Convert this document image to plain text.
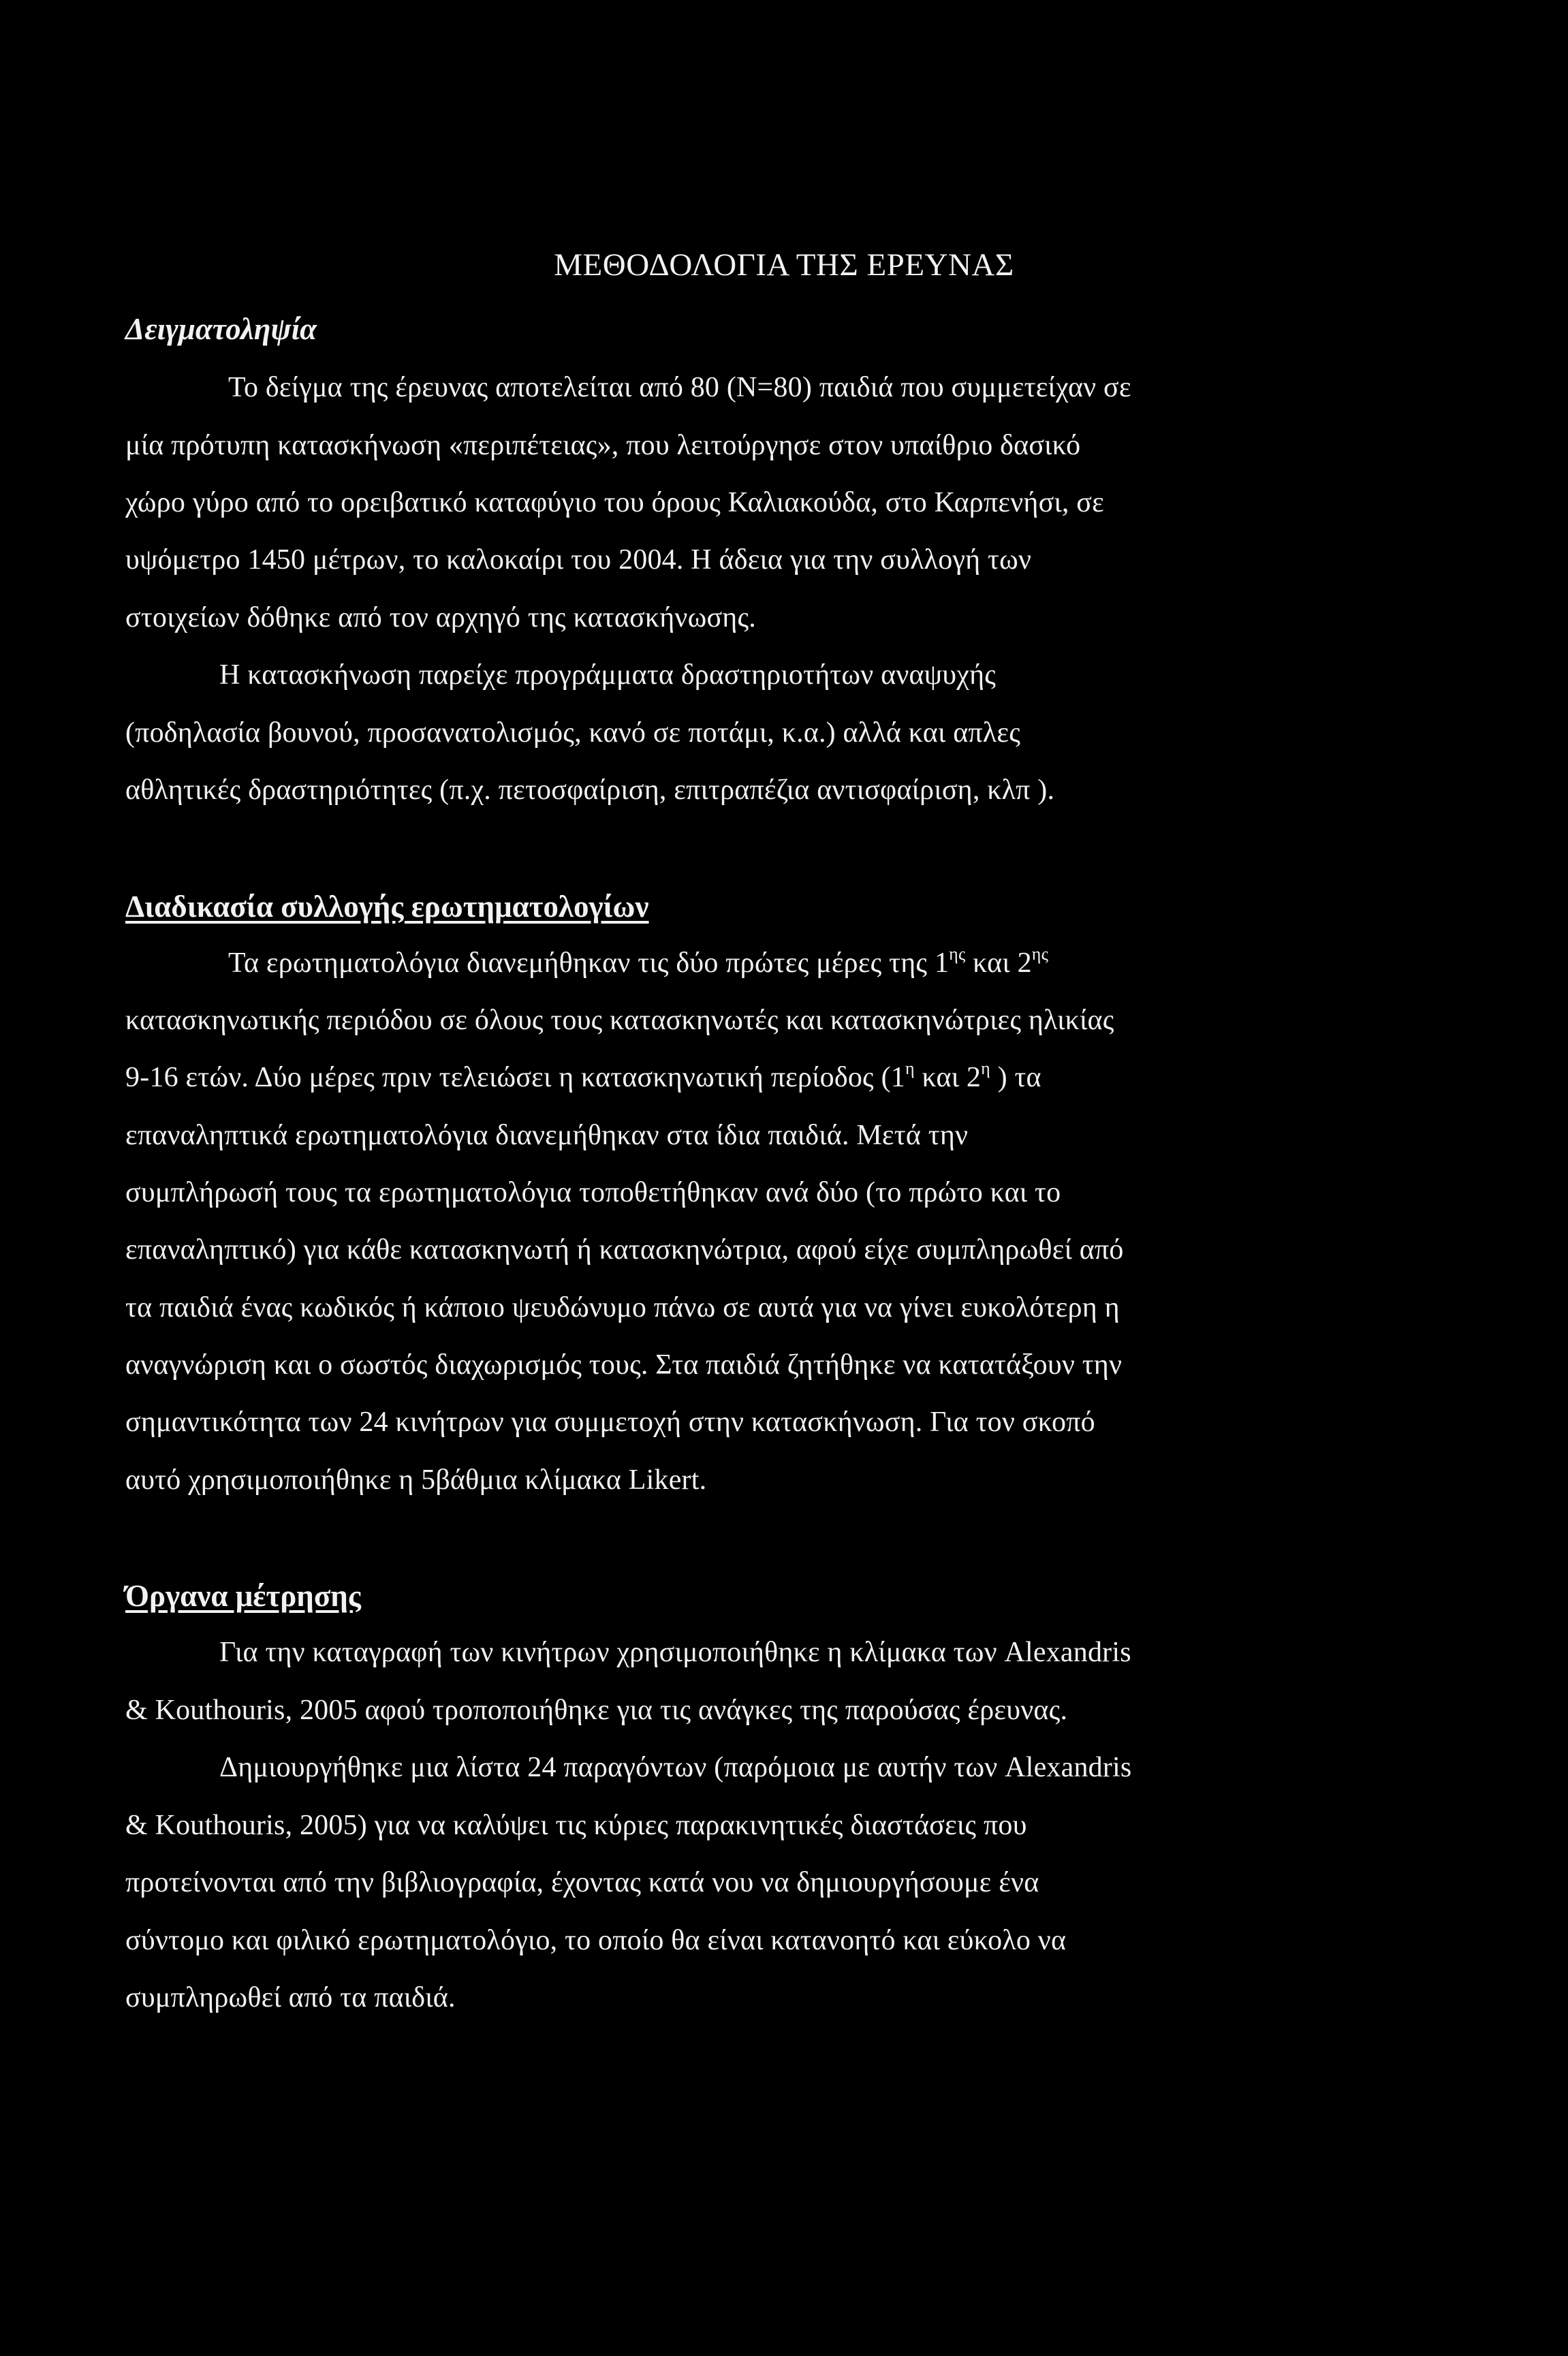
ΜΕΘΟΔΟΛΟΓΙΑ ΤΗΣ ΕΡΕΥΝΑΣ
Δειγματοληψία
Το δείγμα της έρευνας αποτελείται από 80 (N=80) παιδιά που συμμετείχαν σε
μία πρότυπη κατασκήνωση «περιπέτειας», που λειτούργησε στον υπαίθριο δασικό
χώρο γύρο από το ορειβατικό καταφύγιο του όρους Καλιακούδα, στο Καρπενήσι, σε
υψόμετρο 1450 μέτρων, το καλοκαίρι του 2004. Η άδεια για την συλλογή των
στοιχείων δόθηκε από τον αρχηγό της κατασκήνωσης.
Η κατασκήνωση παρείχε προγράμματα δραστηριοτήτων αναψυχής
(ποδηλασία βουνού, προσανατολισμός, κανό σε ποτάμι, κ.α.) αλλά και απλες
αθλητικές δραστηριότητες (π.χ. πετοσφαίριση, επιτραπέζια αντισφαίριση, κλπ ).
Διαδικασία συλλογής ερωτηματολογίων
Τα ερωτηματολόγια διανεμήθηκαν τις δύο πρώτες μέρες της $1^{\eta\varsigma}$ και $2^{\eta\varsigma}$
κατασκηνωτικής περιόδου σε όλους τους κατασκηνωτές και κατασκηνώτριες ηλικίας
9-16 ετών. Δύο μέρες πριν τελειώσει η κατασκηνωτική περίοδος ($1^\eta$ και $2^\eta$ ) τα
επαναληπτικά ερωτηματολόγια διανεμήθηκαν στα ίδια παιδιά. Μετά την
συμπλήρωσή τους τα ερωτηματολόγια τοποθετήθηκαν ανά δύο (το πρώτο και το
επαναληπτικό) για κάθε κατασκηνωτή ή κατασκηνώτρια, αφού είχε συμπληρωθεί από
τα παιδιά ένας κωδικός ή κάποιο ψευδώνυμο πάνω σε αυτά για να γίνει ευκολότερη η
αναγνώριση και ο σωστός διαχωρισμός τους. Στα παιδιά ζητήθηκε να κατατάξουν την
σημαντικότητα των 24 κινήτρων για συμμετοχή στην κατασκήνωση. Για τον σκοπό
αυτό χρησιμοποιήθηκε η 5βάθμια κλίμακα Likert.
Όργανα μέτρησης
Για την καταγραφή των κινήτρων χρησιμοποιήθηκε η κλίμακα των Alexandris
& Kouthouris, 2005 αφού τροποποιήθηκε για τις ανάγκες της παρούσας έρευνας.
Δημιουργήθηκε μια λίστα 24 παραγόντων (παρόμοια με αυτήν των Alexandris
& Kouthouris, 2005) για να καλύψει τις κύριες παρακινητικές διαστάσεις που
προτείνονται από την βιβλιογραφία, έχοντας κατά νου να δημιουργήσουμε ένα
σύντομο και φιλικό ερωτηματολόγιο, το οποίο θα είναι κατανοητό και εύκολο να
συμπληρωθεί από τα παιδιά.
